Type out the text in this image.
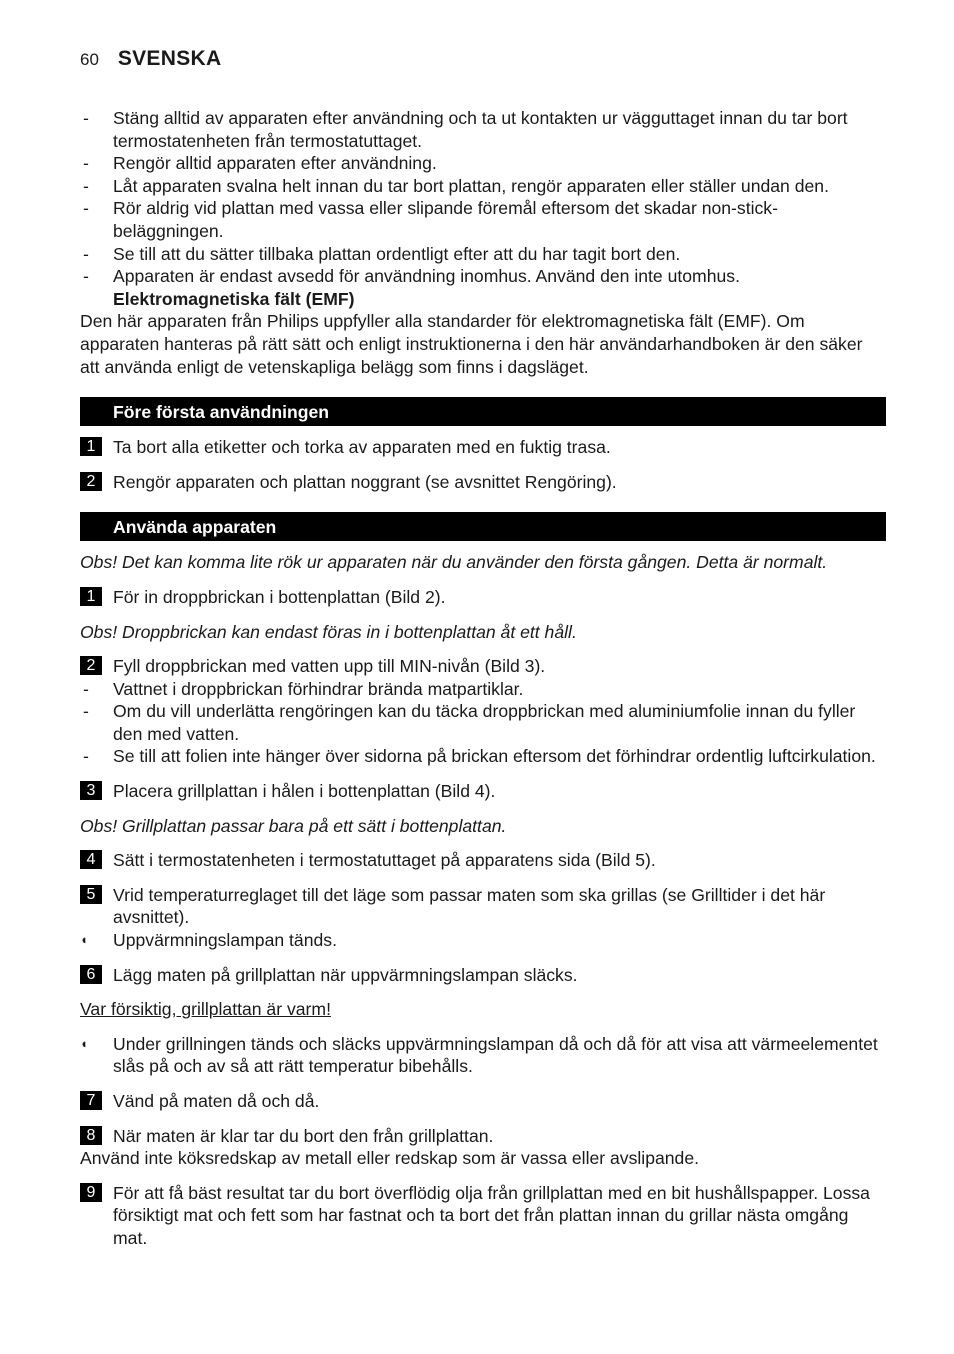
60 SVENSKA
- Stäng alltid av apparaten efter användning och ta ut kontakten ur vägguttaget innan du tar bort termostatenheten från termostatuttaget.
- Rengör alltid apparaten efter användning.
- Låt apparaten svalna helt innan du tar bort plattan, rengör apparaten eller ställer undan den.
- Rör aldrig vid plattan med vassa eller slipande föremål eftersom det skadar non-stick-beläggningen.
- Se till att du sätter tillbaka plattan ordentligt efter att du har tagit bort den.
- Apparaten är endast avsedd för användning inomhus. Använd den inte utomhus.
Elektromagnetiska fält (EMF)

Den här apparaten från Philips uppfyller alla standarder för elektromagnetiska fält (EMF). Om apparaten hanteras på rätt sätt och enligt instruktionerna i den här användarhandboken är den säker att använda enligt de vetenskapliga belägg som finns i dagsläget.

Före första användningen
1 Ta bort alla etiketter och torka av apparaten med en fuktig trasa.
2 Rengör apparaten och plattan noggrant (se avsnittet Rengöring).
Använda apparaten
Obs! Det kan komma lite rök ur apparaten när du använder den första gången. Detta är normalt.
1 För in droppbrickan i bottenplattan (Bild 2).
Obs! Droppbrickan kan endast föras in i bottenplattan åt ett håll.
2 Fyll droppbrickan med vatten upp till MIN-nivån (Bild 3).
- Vattnet i droppbrickan förhindrar brända matpartiklar.
- Om du vill underlätta rengöringen kan du täcka droppbrickan med aluminiumfolie innan du fyller den med vatten.
- Se till att folien inte hänger över sidorna på brickan eftersom det förhindrar ordentlig luftcirkulation.
3 Placera grillplattan i hålen i bottenplattan (Bild 4).
Obs! Grillplattan passar bara på ett sätt i bottenplattan.
4 Sätt i termostatenheten i termostatuttaget på apparatens sida (Bild 5).
5 Vrid temperaturreglaget till det läge som passar maten som ska grillas (se Grilltider i det här avsnittet).
◖ Uppvärmningslampan tänds.
6 Lägg maten på grillplattan när uppvärmningslampan släcks.
Var försiktig, grillplattan är varm!
◖ Under grillningen tänds och släcks uppvärmningslampan då och då för att visa att värmeelementet slås på och av så att rätt temperatur bibehålls.
7 Vänd på maten då och då.
8 När maten är klar tar du bort den från grillplattan.
Använd inte köksredskap av metall eller redskap som är vassa eller avslipande.
9 För att få bäst resultat tar du bort överflödig olja från grillplattan med en bit hushållspapper. Lossa försiktigt mat och fett som har fastnat och ta bort det från plattan innan du grillar nästa omgång mat.
